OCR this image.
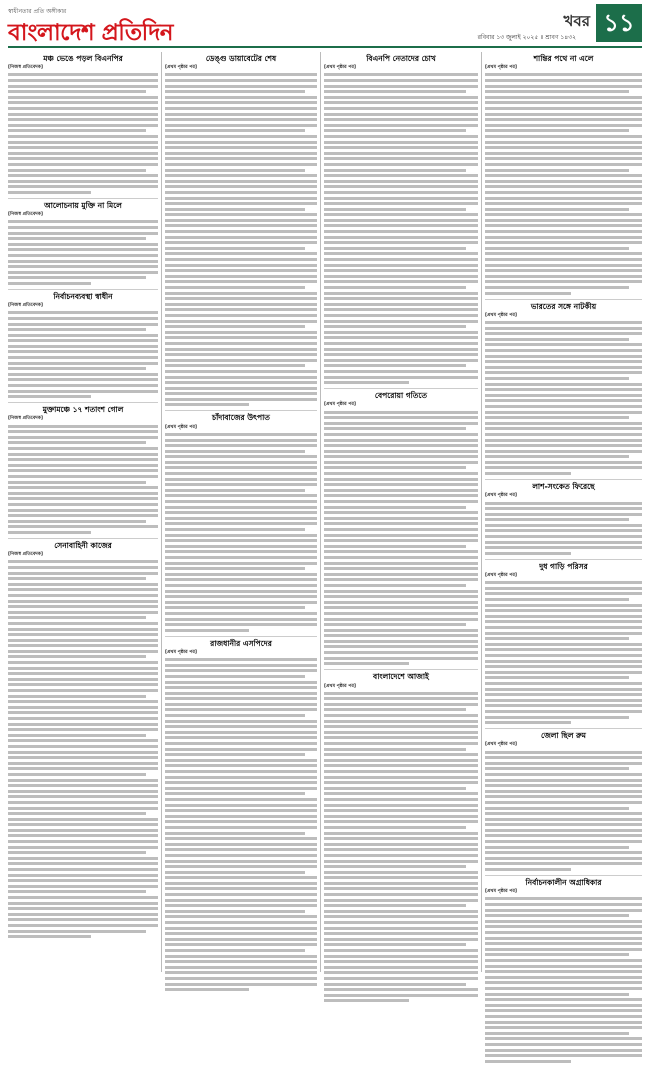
স্বাধীনতার প্রতি অঙ্গীকার
বাংলাদেশ প্রতিদিন	খবর
রবিবার ১৩ জুলাই ২০২৫ ॥ শ্রাবণ ১৪৩২
১১
মঞ্চ ভেঙে পড়ল বিএনপির
[নিজস্ব প্রতিবেদক]
আলোচনায় মুক্তি না মিলে
[নিজস্ব প্রতিবেদক]
নির্বাচনব্যবস্থা স্বাধীন
[নিজস্ব প্রতিবেদক]
মুক্তামঞ্চে ১৭ শতাংশ গোল
[নিজস্ব প্রতিবেদক]
সেনাবাহিনী কাজের
[নিজস্ব প্রতিবেদক]
ডেঙ্গু ডায়াবেটের শেষ
[প্রথম পৃষ্ঠার পর]
চাঁদাবাজের উৎপাত
[প্রথম পৃষ্ঠার পর]
রাজধানীর এসপিদের
[প্রথম পৃষ্ঠার পর]
বিএনপি নেতাদের চোখ
[প্রথম পৃষ্ঠার পর]
বেপরোয়া গতিতে
[প্রথম পৃষ্ঠার পর]
বাংলাদেশে আজাই
[প্রথম পৃষ্ঠার পর]
শান্তির পথে না এলে
[প্রথম পৃষ্ঠার পর]
ভারতের সঙ্গে নাটকীয়
[প্রথম পৃষ্ঠার পর]
লাশ-সংকেত ফিরেছে
[প্রথম পৃষ্ঠার পর]
দুধ গাড়ি পরিসর
[প্রথম পৃষ্ঠার পর]
জেলা ছিল রুম
[প্রথম পৃষ্ঠার পর]
নির্বাচনকালীন অগ্রাধিকার
[প্রথম পৃষ্ঠার পর]
